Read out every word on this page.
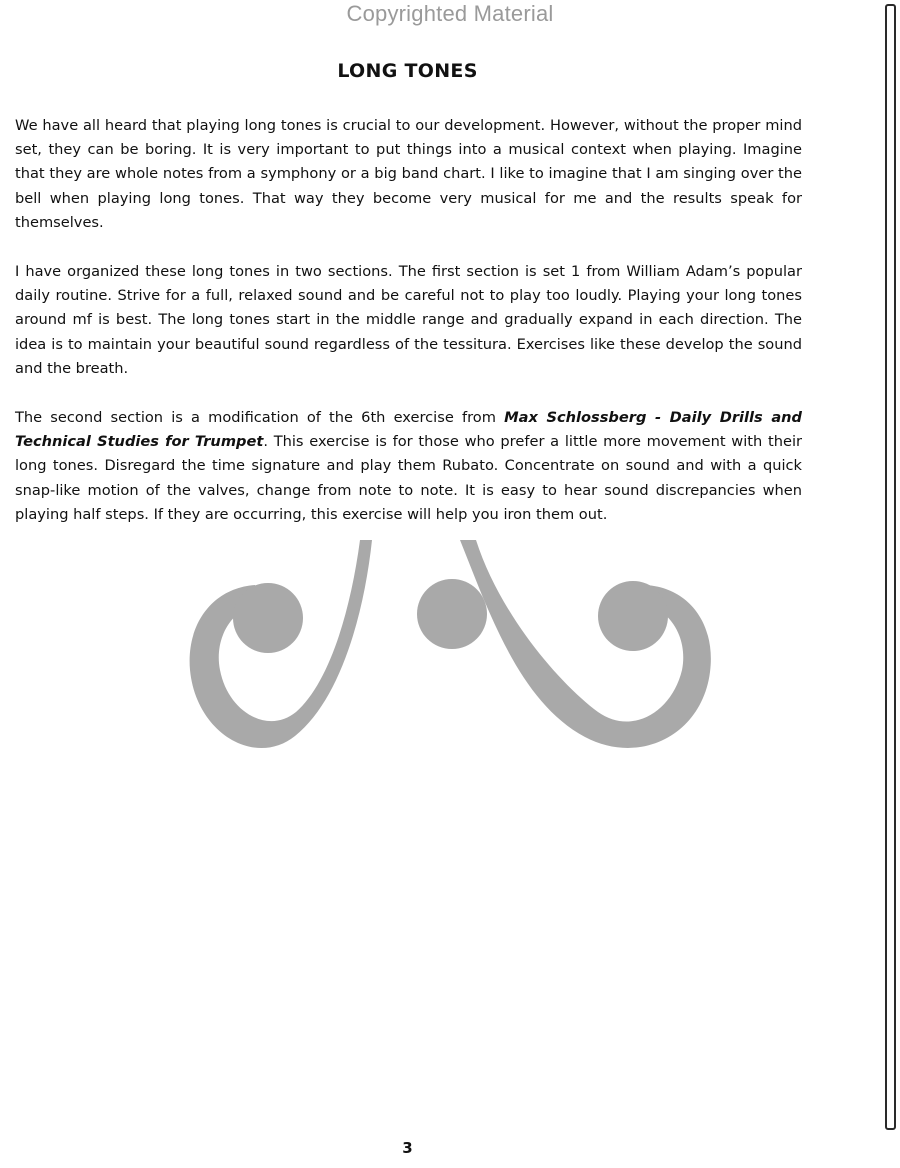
Copyrighted Material
LONG TONES

We have all heard that playing long tones is crucial to our development. However, without the proper mind set, they can be boring. It is very important to put things into a musical context when playing. Imagine that they are whole notes from a symphony or a big band chart. I like to imagine that I am singing over the bell when playing long tones. That way they become very musical for me and the results speak for themselves.

I have organized these long tones in two sections. The first section is set 1 from William Adam’s popular daily routine. Strive for a full, relaxed sound and be careful not to play too loudly. Playing your long tones around mf is best. The long tones start in the middle range and gradually expand in each direction. The idea is to maintain your beautiful sound regardless of the tessitura. Exercises like these develop the sound and the breath.

The second section is a modification of the 6th exercise from Max Schlossberg - Daily Drills and Technical Studies for Trumpet. This exercise is for those who prefer a little more movement with their long tones. Disregard the time signature and play them Rubato. Concentrate on sound and with a quick snap-like motion of the valves, change from note to note. It is easy to hear sound discrepancies when playing half steps. If they are occurring, this exercise will help you iron them out.

3
